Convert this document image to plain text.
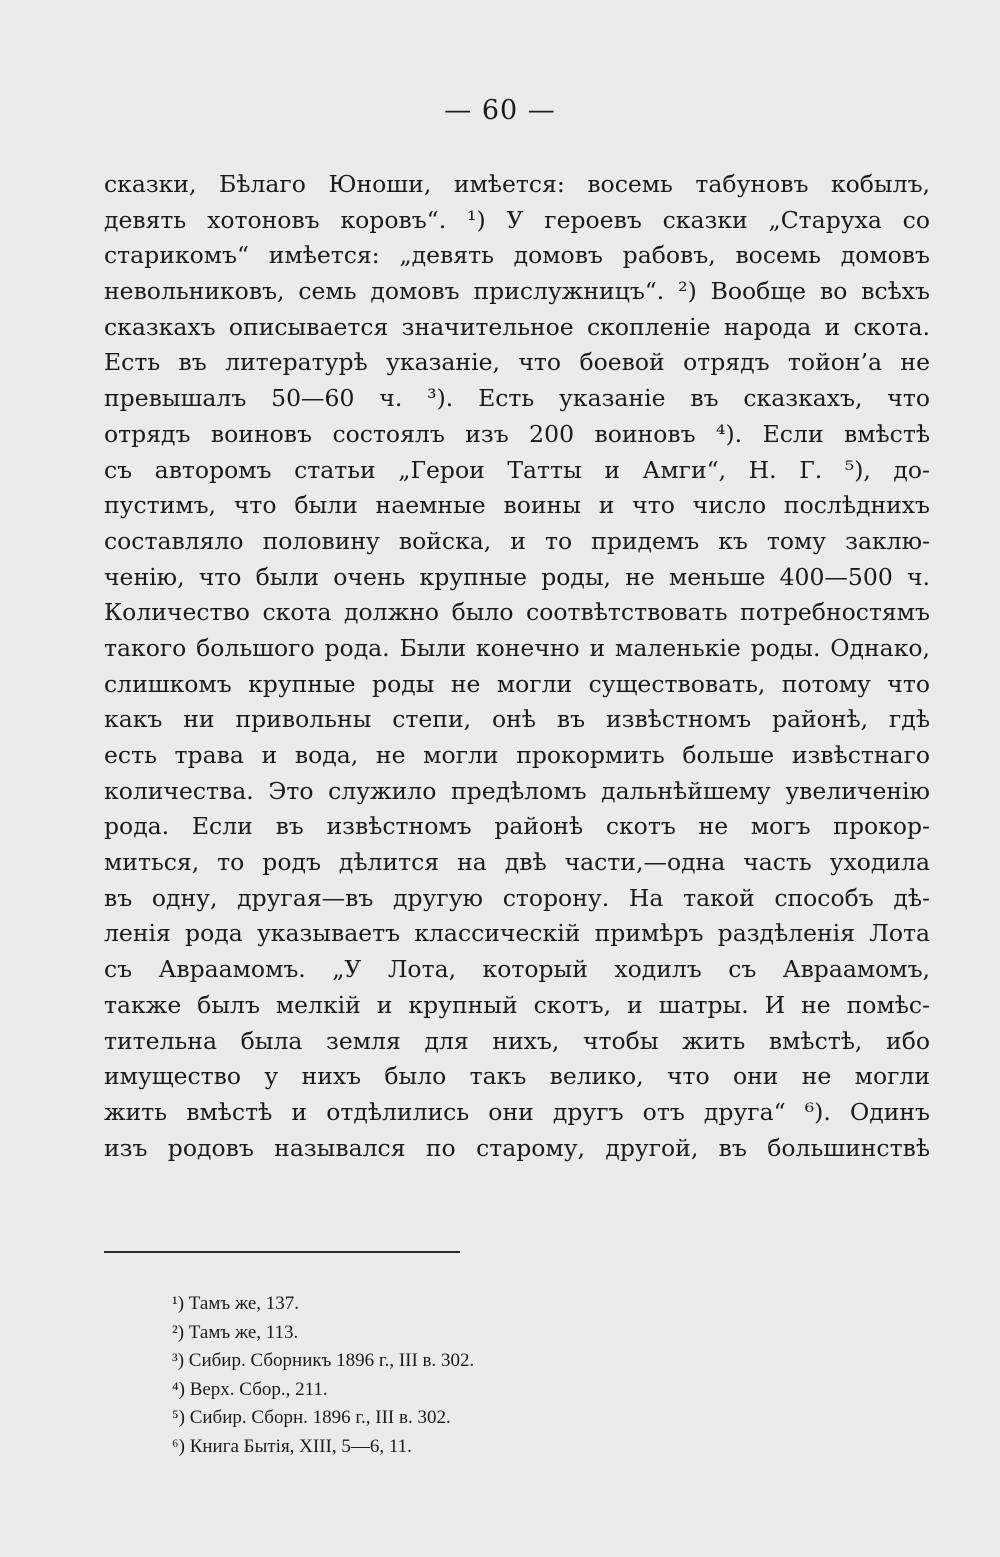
— 60 —
сказки, Бѣлаго Юноши, имѣется: восемь табуновъ кобылъ,
девять хотоновъ коровъ“. ¹) У героевъ сказки „Старуха со
старикомъ“ имѣется: „девять домовъ рабовъ, восемь домовъ
невольниковъ, семь домовъ прислужницъ“. ²) Вообще во всѣхъ
сказкахъ описывается значительное скопленіе народа и скота.
Есть въ литературѣ указаніе, что боевой отрядъ тойон’а не
превышалъ 50—60 ч. ³). Есть указаніе въ сказкахъ, что
отрядъ воиновъ состоялъ изъ 200 воиновъ ⁴). Если вмѣстѣ
съ авторомъ статьи „Герои Татты и Амги“, Н. Г. ⁵), до-
пустимъ, что были наемные воины и что число послѣднихъ
составляло половину войска, и то придемъ къ тому заклю-
ченію, что были очень крупные роды, не меньше 400—500 ч.
Количество скота должно было соотвѣтствовать потребностямъ
такого большого рода. Были конечно и маленькіе роды. Однако,
слишкомъ крупные роды не могли существовать, потому что
какъ ни привольны степи, онѣ въ извѣстномъ районѣ, гдѣ
есть трава и вода, не могли прокормить больше извѣстнаго
количества. Это служило предѣломъ дальнѣйшему увеличенію
рода. Если въ извѣстномъ районѣ скотъ не могъ прокор-
миться, то родъ дѣлится на двѣ части,—одна часть уходила
въ одну, другая—въ другую сторону. На такой способъ дѣ-
ленія рода указываетъ классическій примѣръ раздѣленія Лота
съ Авраамомъ. „У Лота, который ходилъ съ Авраамомъ,
также былъ мелкій и крупный скотъ, и шатры. И не помѣс-
тительна была земля для нихъ, чтобы жить вмѣстѣ, ибо
имущество у нихъ было такъ велико, что они не могли
жить вмѣстѣ и отдѣлились они другъ отъ друга“ ⁶). Одинъ
изъ родовъ назывался по старому, другой, въ большинствѣ
¹) Тамъ же, 137.
²) Тамъ же, 113.
³) Сибир. Сборникъ 1896 г., III в. 302.
⁴) Верх. Сбор., 211.
⁵) Сибир. Сборн. 1896 г., III в. 302.
⁶) Книга Бытія, XIII, 5—6, 11.
